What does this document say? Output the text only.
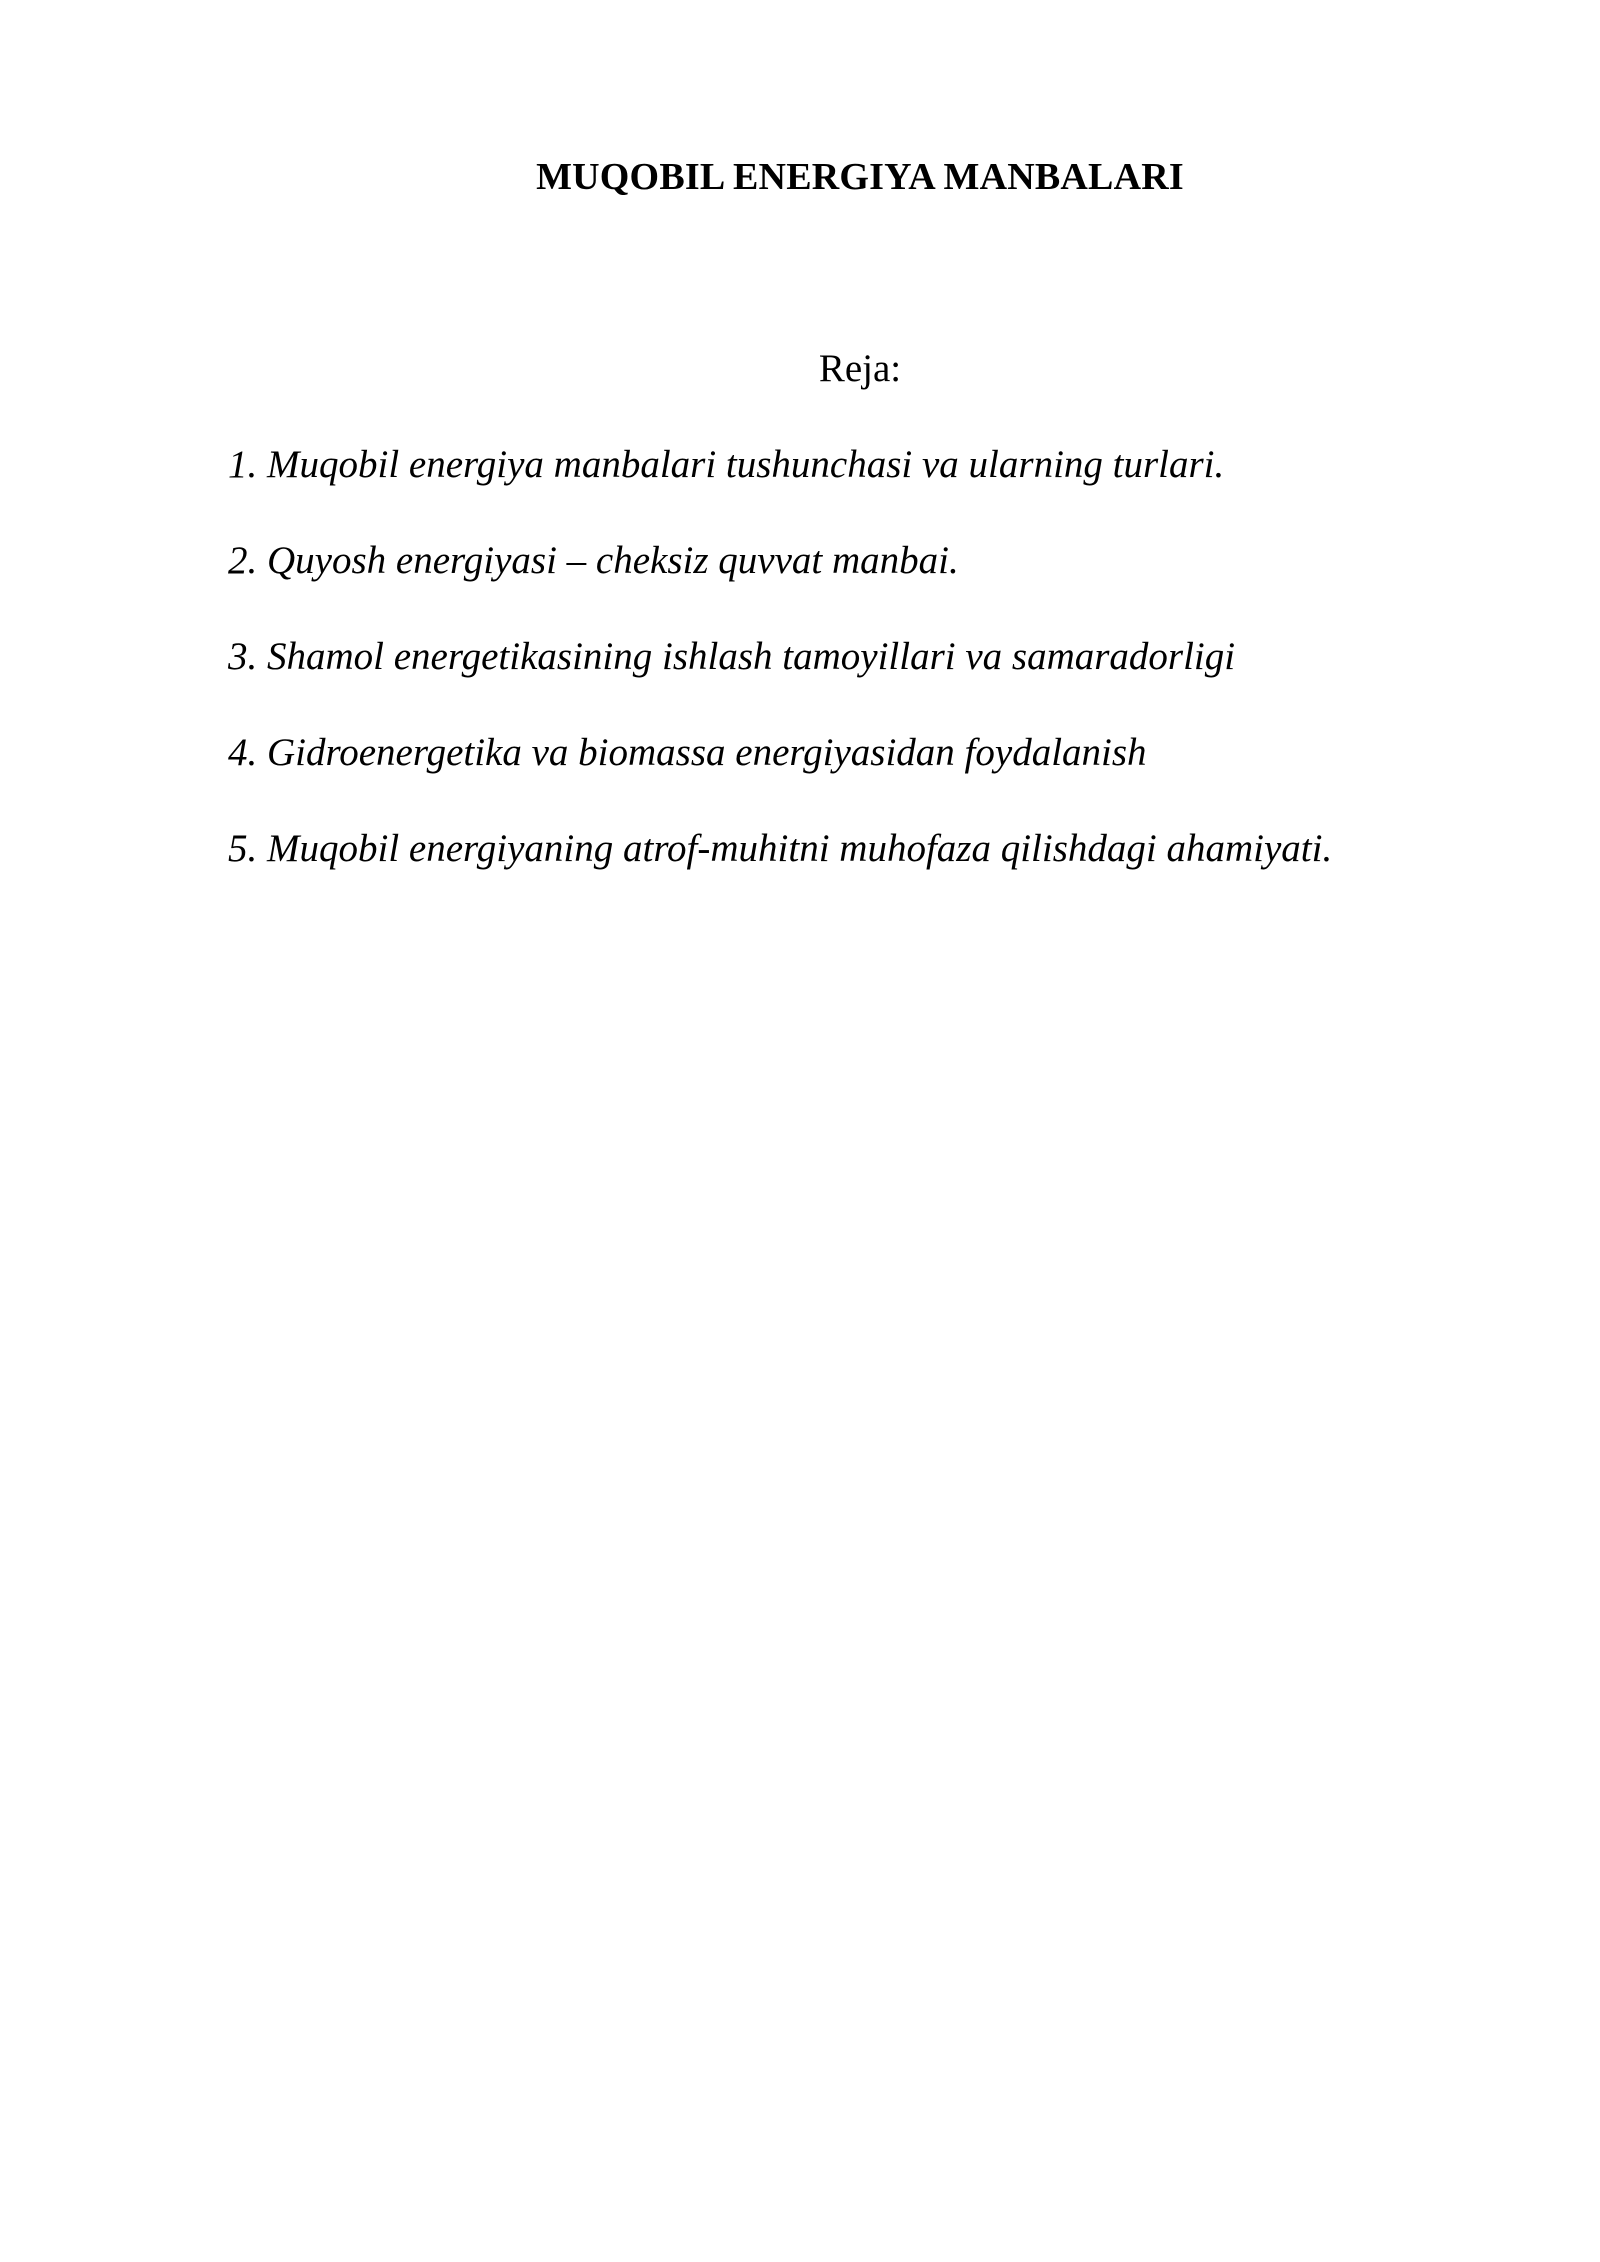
MUQOBIL ENERGIYA MANBALARI
Reja:
1. Muqobil energiya manbalari tushunchasi va ularning turlari.
2. Quyosh energiyasi – cheksiz quvvat manbai.
3. Shamol energetikasining ishlash tamoyillari va samaradorligi
4. Gidroenergetika va biomassa energiyasidan foydalanish
5. Muqobil energiyaning atrof-muhitni muhofaza qilishdagi ahamiyati.
